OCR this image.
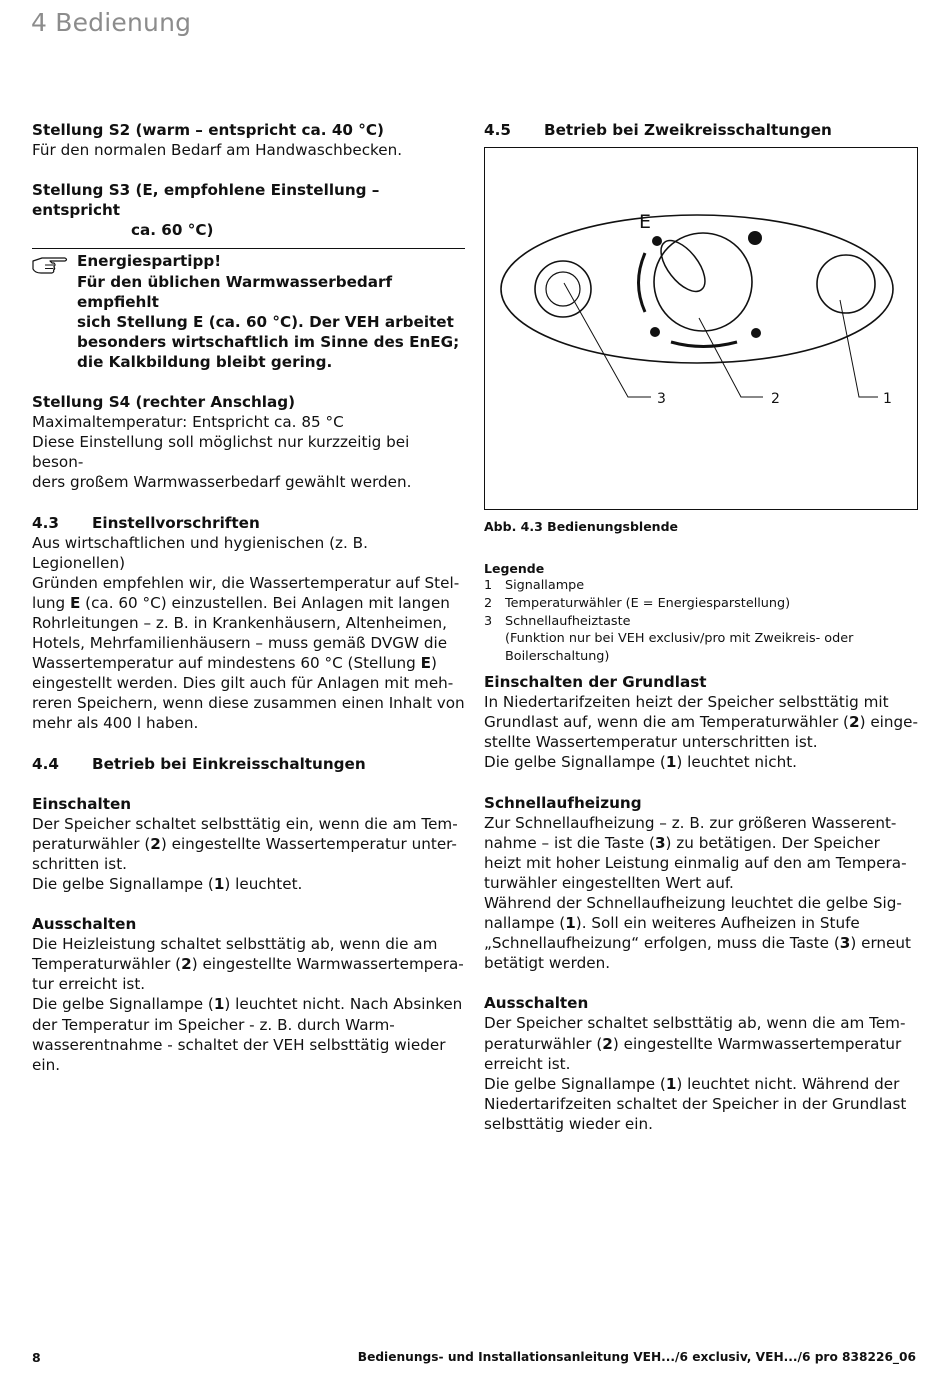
4 Bedienung
Stellung S2 (warm – entspricht ca. 40 °C)

Für den normalen Bedarf am Handwaschbecken.

Stellung S3 (E, empfohlene Einstellung – entspricht
ca. 60 °C)
Energiespartipp!
Für den üblichen Warmwasserbedarf empfiehlt
sich Stellung E (ca. 60 °C). Der VEH arbeitet
besonders wirtschaftlich im Sinne des EnEG;
die Kalkbildung bleibt gering.
Stellung S4 (rechter Anschlag)

Maximaltemperatur: Entspricht ca. 85 °C

Diese Einstellung soll möglichst nur kurzzeitig bei beson-

ders großem Warmwasserbedarf gewählt werden.

4.3 Einstellvorschriften

Aus wirtschaftlichen und hygienischen (z. B. Legionellen)

Gründen empfehlen wir, die Wassertemperatur auf Stel-

lung E (ca. 60 °C) einzustellen. Bei Anlagen mit langen

Rohrleitungen – z. B. in Krankenhäusern, Altenheimen,

Hotels, Mehrfamilienhäusern – muss gemäß DVGW die

Wassertemperatur auf mindestens 60 °C (Stellung E)

eingestellt werden. Dies gilt auch für Anlagen mit meh-

reren Speichern, wenn diese zusammen einen Inhalt von

mehr als 400 l haben.

4.4 Betrieb bei Einkreisschaltungen
Einschalten

Der Speicher schaltet selbsttätig ein, wenn die am Tem-

peraturwähler (2) eingestellte Wassertemperatur unter-

schritten ist.

Die gelbe Signallampe (1) leuchtet.

Ausschalten

Die Heizleistung schaltet selbsttätig ab, wenn die am

Temperaturwähler (2) eingestellte Warmwassertempera-

tur erreicht ist.

Die gelbe Signallampe (1) leuchtet nicht. Nach Absinken

der Temperatur im Speicher - z. B. durch Warm-

wasserentnahme - schaltet der VEH selbsttätig wieder

ein.

4.5 Betrieb bei Zweikreisschaltungen
E
3	2	1
Abb. 4.3 Bedienungsblende
Legende
1 Signallampe
2 Temperaturwähler (E = Energiesparstellung)
3 Schnellaufheiztaste
(Funktion nur bei VEH exclusiv/pro mit Zweikreis- oder
Boilerschaltung)
Einschalten der Grundlast

In Niedertarifzeiten heizt der Speicher selbsttätig mit

Grundlast auf, wenn die am Temperaturwähler (2) einge-

stellte Wassertemperatur unterschritten ist.

Die gelbe Signallampe (1) leuchtet nicht.

Schnellaufheizung

Zur Schnellaufheizung – z. B. zur größeren Wasserent-

nahme – ist die Taste (3) zu betätigen. Der Speicher

heizt mit hoher Leistung einmalig auf den am Tempera-

turwähler eingestellten Wert auf.

Während der Schnellaufheizung leuchtet die gelbe Sig-

nallampe (1). Soll ein weiteres Aufheizen in Stufe

„Schnellaufheizung“ erfolgen, muss die Taste (3) erneut

betätigt werden.

Ausschalten

Der Speicher schaltet selbsttätig ab, wenn die am Tem-

peraturwähler (2) eingestellte Warmwassertemperatur

erreicht ist.

Die gelbe Signallampe (1) leuchtet nicht. Während der

Niedertarifzeiten schaltet der Speicher in der Grundlast

selbsttätig wieder ein.

8	Bedienungs- und Installationsanleitung VEH.../6 exclusiv, VEH.../6 pro 838226_06
